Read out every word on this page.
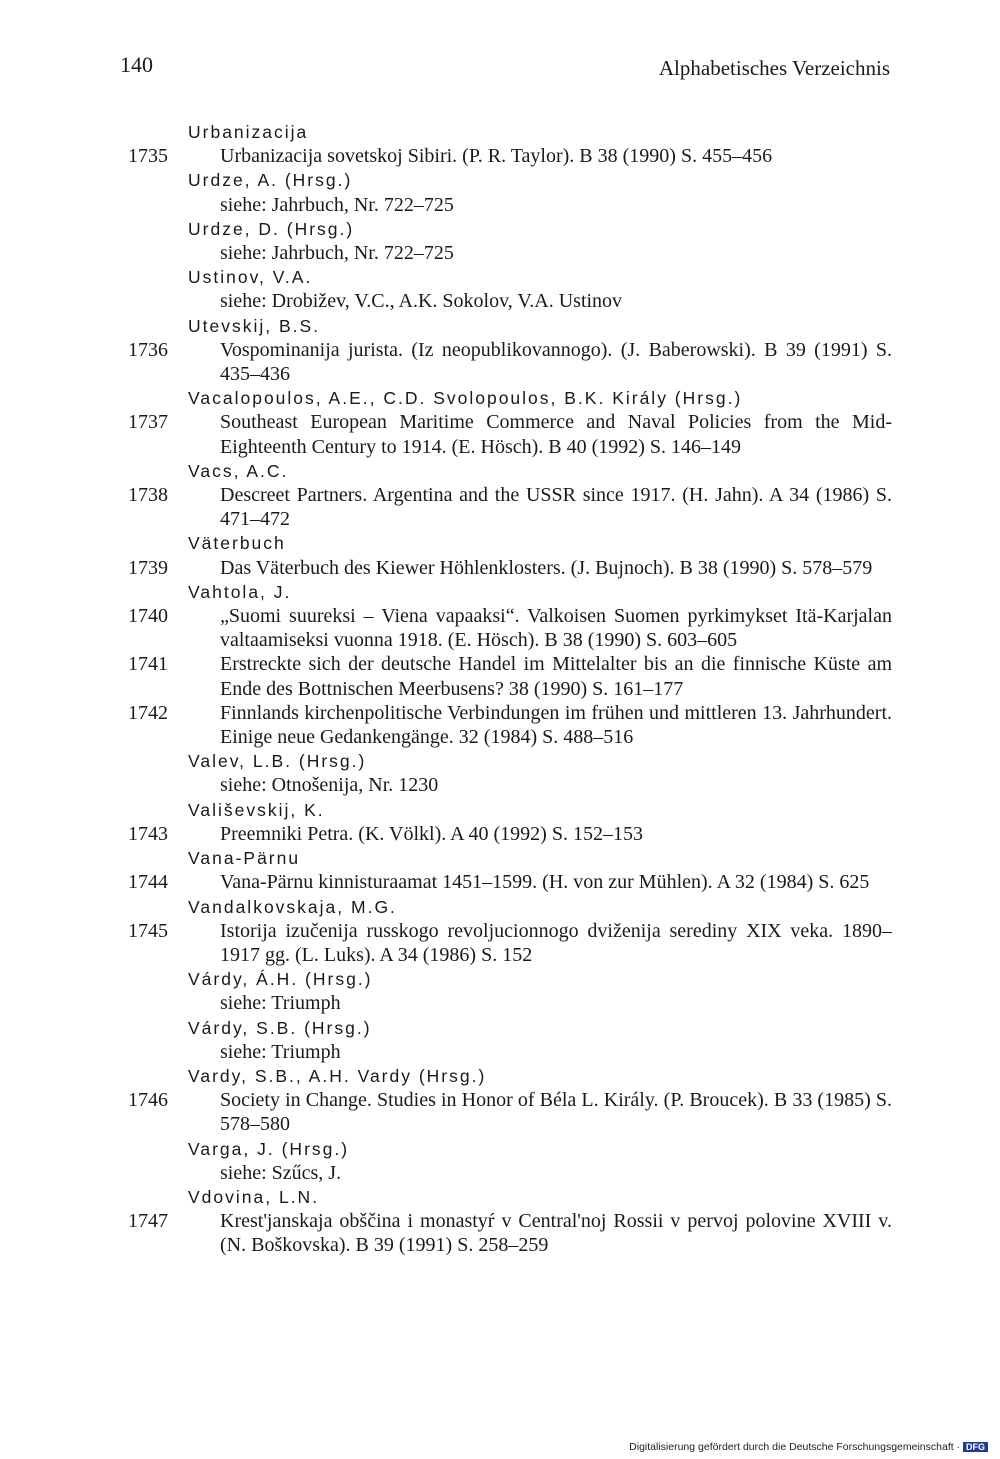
140	Alphabetisches Verzeichnis
Urbanizacija
1735	Urbanizacija sovetskoj Sibiri. (P. R. Taylor). B 38 (1990) S. 455–456
Urdze, A. (Hrsg.)
siehe: Jahrbuch, Nr. 722–725
Urdze, D. (Hrsg.)
siehe: Jahrbuch, Nr. 722–725
Ustinov, V.A.
siehe: Drobižev, V.C., A.K. Sokolov, V.A. Ustinov
Utevskij, B.S.
1736	Vospominanija jurista. (Iz neopublikovannogo). (J. Baberowski). B 39 (1991) S. 435–436
Vacalopoulos, A.E., C.D. Svolopoulos, B.K. Király (Hrsg.)
1737	Southeast European Maritime Commerce and Naval Policies from the Mid-Eighteenth Century to 1914. (E. Hösch). B 40 (1992) S. 146–149
Vacs, A.C.
1738	Descreet Partners. Argentina and the USSR since 1917. (H. Jahn). A 34 (1986) S. 471–472
Väterbuch
1739	Das Väterbuch des Kiewer Höhlenklosters. (J. Bujnoch). B 38 (1990) S. 578–579
Vahtola, J.
1740	„Suomi suureksi – Viena vapaaksi“. Valkoisen Suomen pyrkimykset Itä-Karjalan valtaamiseksi vuonna 1918. (E. Hösch). B 38 (1990) S. 603–605
1741	Erstreckte sich der deutsche Handel im Mittelalter bis an die finnische Küste am Ende des Bottnischen Meerbusens? 38 (1990) S. 161–177
1742	Finnlands kirchenpolitische Verbindungen im frühen und mittleren 13. Jahrhundert. Einige neue Gedankengänge. 32 (1984) S. 488–516
Valev, L.B. (Hrsg.)
siehe: Otnošenija, Nr. 1230
Vališevskij, K.
1743	Preemniki Petra. (K. Völkl). A 40 (1992) S. 152–153
Vana-Pärnu
1744	Vana-Pärnu kinnisturaamat 1451–1599. (H. von zur Mühlen). A 32 (1984) S. 625
Vandalkovskaja, M.G.
1745	Istorija izučenija russkogo revoljucionnogo dviženija serediny XIX veka. 1890–1917 gg. (L. Luks). A 34 (1986) S. 152
Várdy, Á.H. (Hrsg.)
siehe: Triumph
Várdy, S.B. (Hrsg.)
siehe: Triumph
Vardy, S.B., A.H. Vardy (Hrsg.)
1746	Society in Change. Studies in Honor of Béla L. Király. (P. Broucek). B 33 (1985) S. 578–580
Varga, J. (Hrsg.)
siehe: Szűcs, J.
Vdovina, L.N.
1747	Krest'janskaja obščina i monastyŕ v Central'noj Rossii v pervoj polovine XVIII v. (N. Boškovska). B 39 (1991) S. 258–259
Digitalisierung gefördert durch die Deutsche Forschungsgemeinschaft · DFG
